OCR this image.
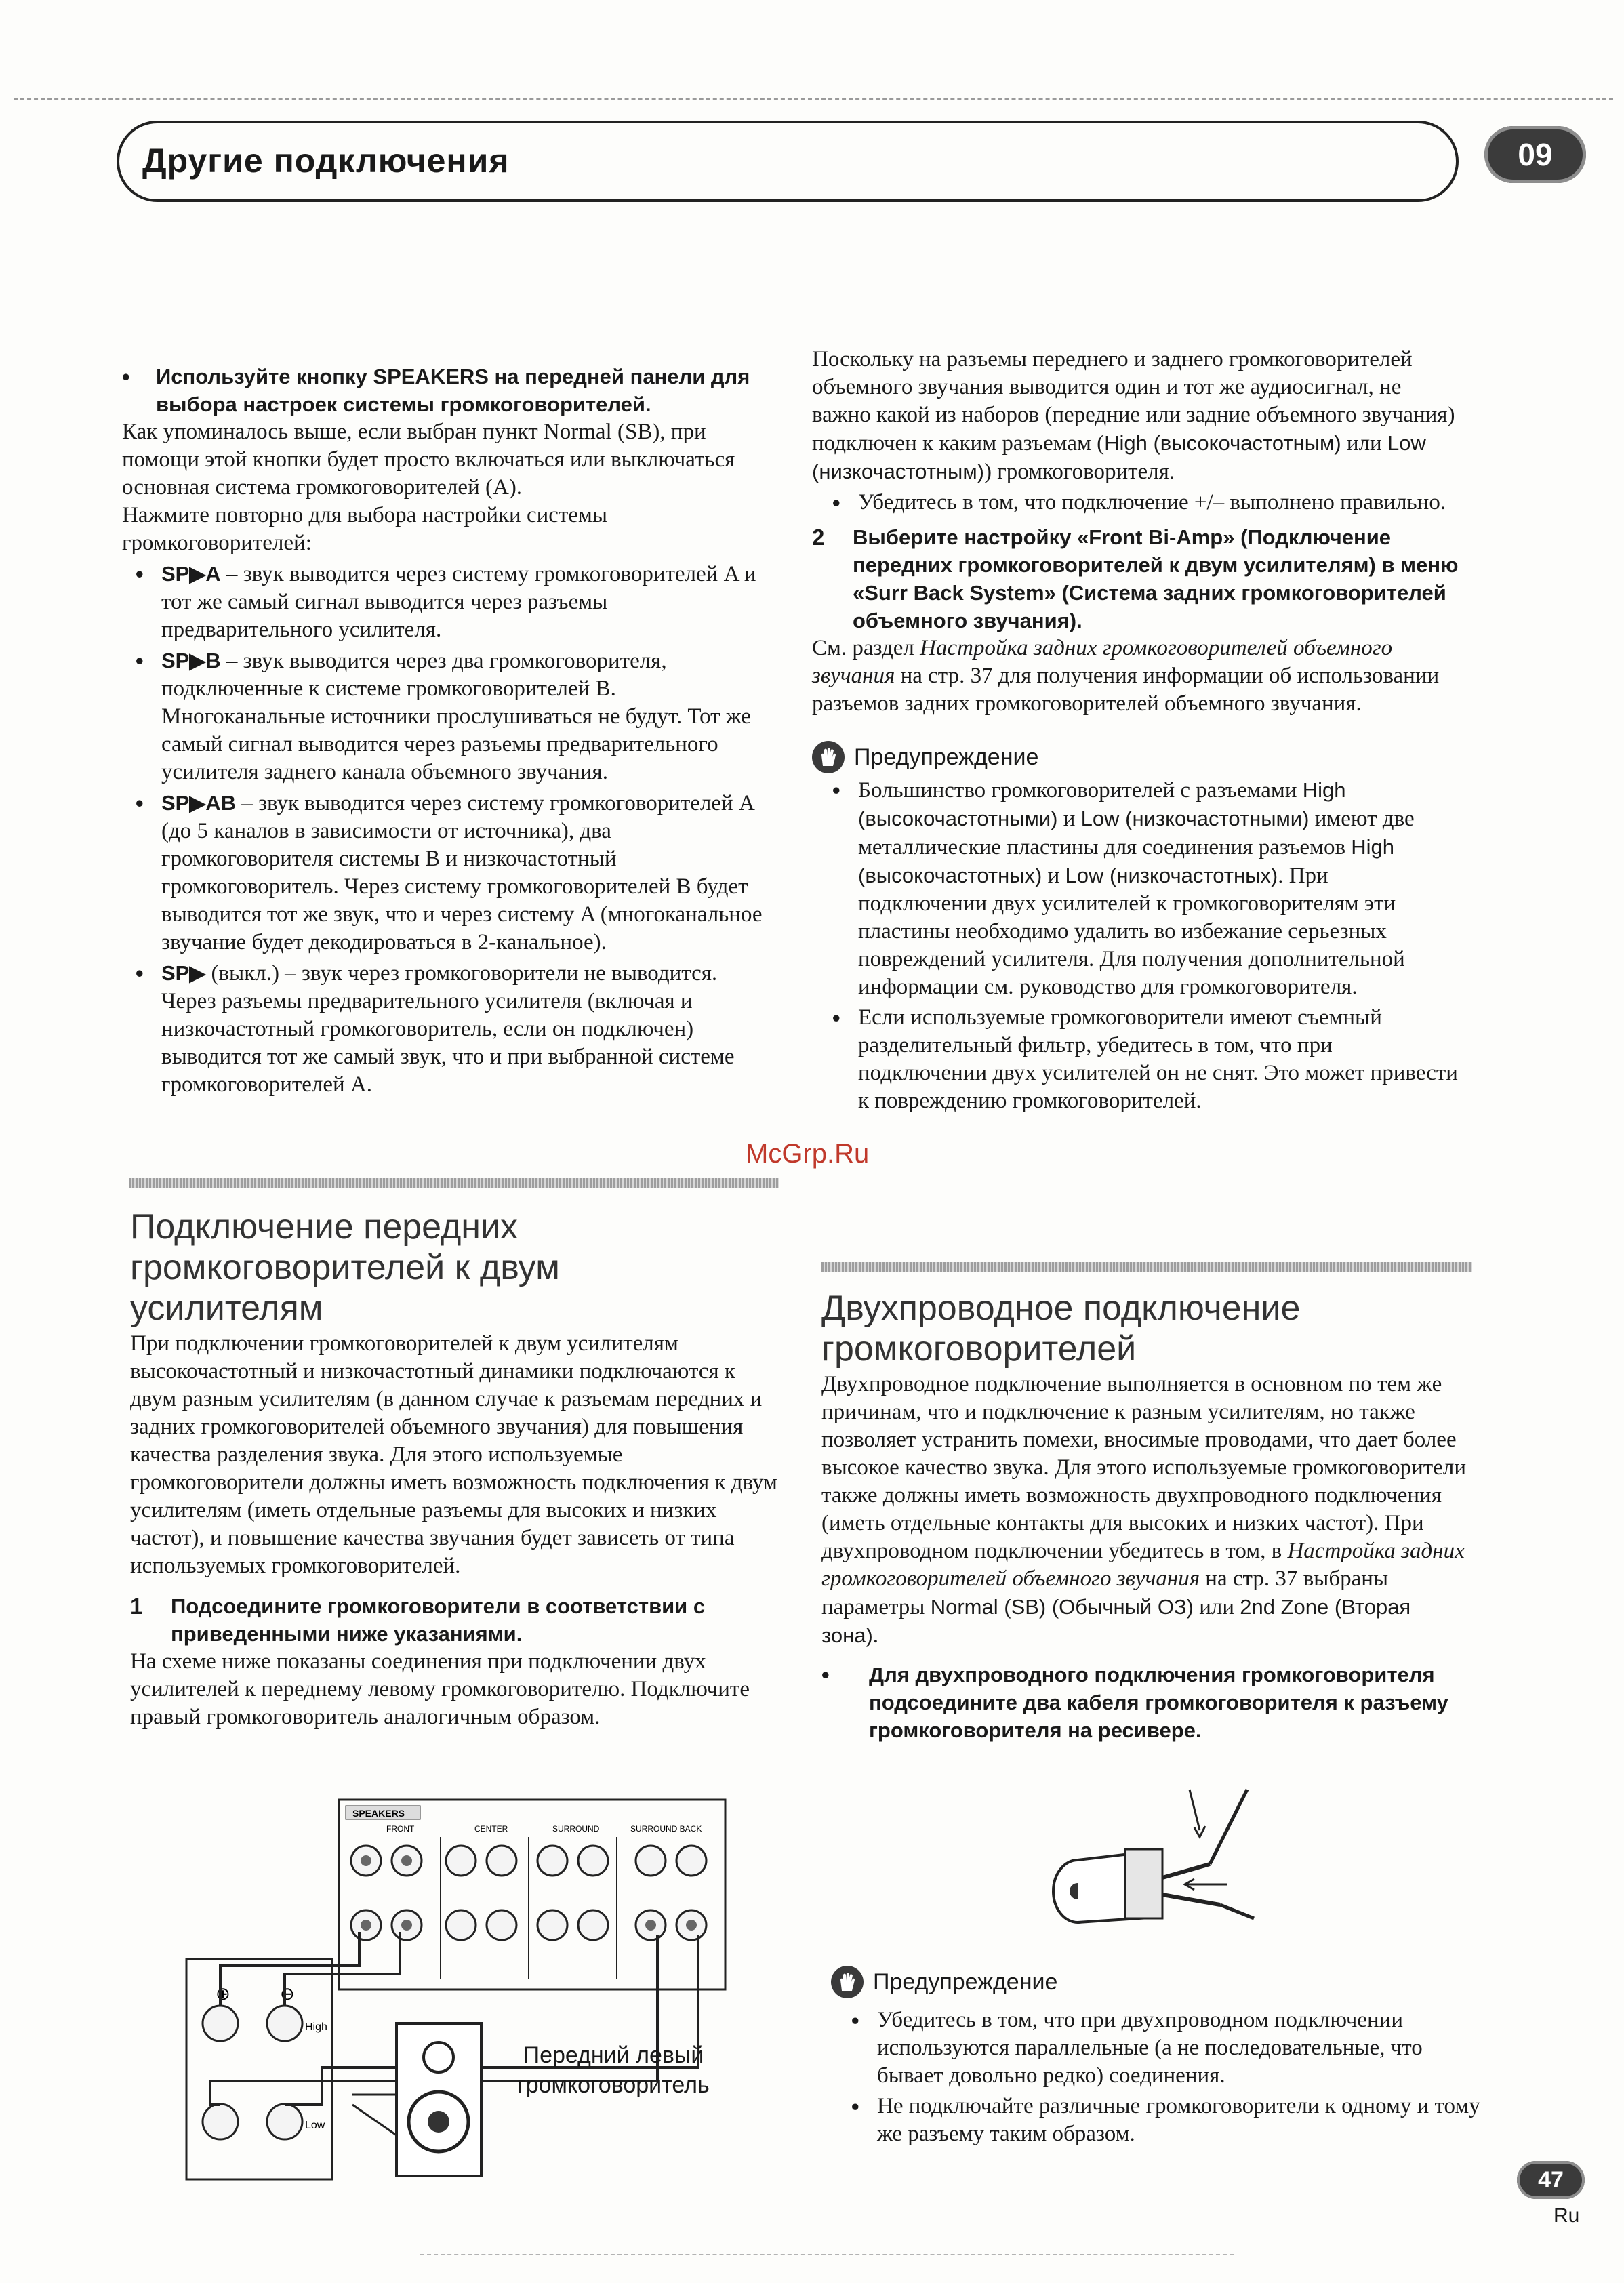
Другие подключения	09
•	Используйте кнопку SPEAKERS на передней панели для выбора настроек системы громкоговорителей.

Как упоминалось выше, если выбран пункт Normal (SB), при помощи этой кнопки будет просто включаться или выключаться основная система громкоговорителей (A).

Нажмите повторно для выбора настройки системы громкоговорителей:

• SP▶A – звук выводится через систему громкоговорителей A и тот же самый сигнал выводится через разъемы предварительного усилителя.

• SP▶B – звук выводится через два громкоговорителя, подключенные к системе громкоговорителей B. Многоканальные источники прослушиваться не будут. Тот же самый сигнал выводится через разъемы предварительного усилителя заднего канала объемного звучания.

• SP▶AB – звук выводится через систему громкоговорителей A (до 5 каналов в зависимости от источника), два громкоговорителя системы B и низкочастотный громкоговоритель. Через систему громкоговорителей B будет выводится тот же звук, что и через систему A (многоканальное звучание будет декодироваться в 2-канальное).

• SP▶ (выкл.) – звук через громкоговорители не выводится. Через разъемы предварительного усилителя (включая и низкочастотный громкоговоритель, если он подключен) выводится тот же самый звук, что и при выбранной системе громкоговорителей A.

Подключение передних громкоговорителей к двум усилителям

При подключении громкоговорителей к двум усилителям высокочастотный и низкочастотный динамики подключаются к двум разным усилителям (в данном случае к разъемам передних и задних громкоговорителей объемного звучания) для повышения качества разделения звука. Для этого используемые громкоговорители должны иметь возможность подключения к двум усилителям (иметь отдельные разъемы для высоких и низких частот), и повышение качества звучания будет зависеть от типа используемых громкоговорителей.

1	Подсоедините громкоговорители в соответствии с приведенными ниже указаниями.

На схеме ниже показаны соединения при подключении двух усилителей к переднему левому громкоговорителю. Подключите правый громкоговоритель аналогичным образом.

SPEAKERS
FRONT	CENTER	SURROUND	SURROUND BACK
⊕	⊖
High
Low
Передний левый
громкоговоритель

Поскольку на разъемы переднего и заднего громкоговорителей объемного звучания выводится один и тот же аудиосигнал, не важно какой из наборов (передние или задние объемного звучания) подключен к каким разъемам (High (высокочастотным) или Low (низкочастотным)) громкоговорителя.

• Убедитесь в том, что подключение +/– выполнено правильно.

2	Выберите настройку «Front Bi-Amp» (Подключение передних громкоговорителей к двум усилителям) в меню «Surr Back System» (Система задних громкоговорителей объемного звучания).

См. раздел Настройка задних громкоговорителей объемного звучания на стр. 37 для получения информации об использовании разъемов задних громкоговорителей объемного звучания.

Предупреждение
• Большинство громкоговорителей с разъемами High (высокочастотными) и Low (низкочастотными) имеют две металлические пластины для соединения разъемов High (высокочастотных) и Low (низкочастотных). При подключении двух усилителей к громкоговорителям эти пластины необходимо удалить во избежание серьезных повреждений усилителя. Для получения дополнительной информации см. руководство для громкоговорителя.

• Если используемые громкоговорители имеют съемный разделительный фильтр, убедитесь в том, что при подключении двух усилителей он не снят. Это может привести к повреждению громкоговорителей.

McGrp.Ru
Двухпроводное подключение громкоговорителей

Двухпроводное подключение выполняется в основном по тем же причинам, что и подключение к разным усилителям, но также позволяет устранить помехи, вносимые проводами, что дает более высокое качество звука. Для этого используемые громкоговорители также должны иметь возможность двухпроводного подключения (иметь отдельные контакты для высоких и низких частот). При двухпроводном подключении убедитесь в том, в Настройка задних громкоговорителей объемного звучания на стр. 37 выбраны параметры Normal (SB) (Обычный ОЗ) или 2nd Zone (Вторая зона).

•	Для двухпроводного подключения громкоговорителя подсоедините два кабеля громкоговорителя к разъему громкоговорителя на ресивере.

Предупреждение
• Убедитесь в том, что при двухпроводном подключении используются параллельные (а не последовательные, что бывает довольно редко) соединения.

• Не подключайте различные громкоговорители к одному и тому же разъему таким образом.

47
Ru
